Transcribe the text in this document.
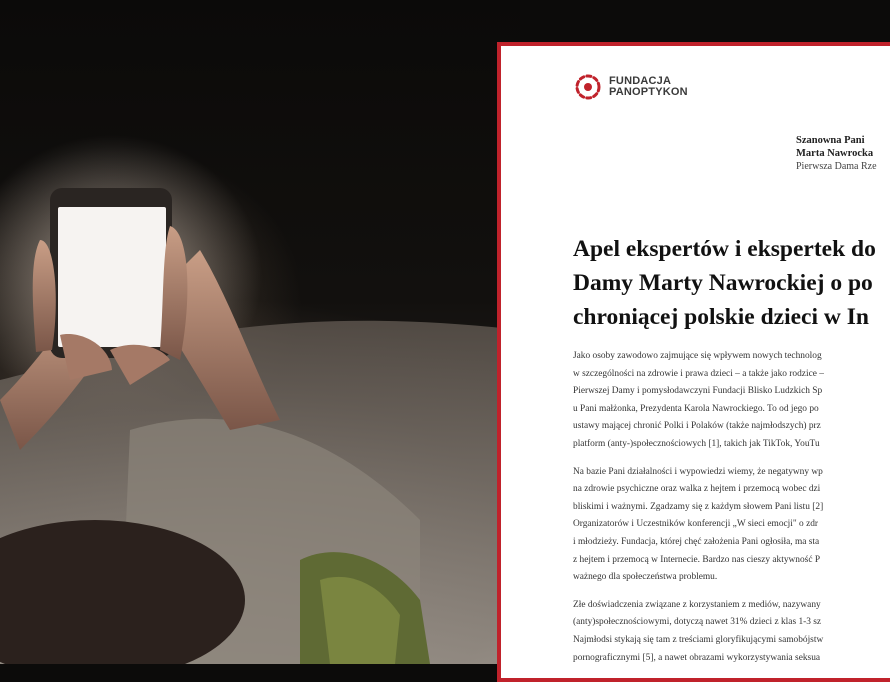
FUNDACJA
PANOPTYKON
Szanowna Pani
Marta Nawrocka
Pierwsza Dama Rze
Apel ekspertów i ekspertek do
Damy Marty Nawrockiej o po
chroniącej polskie dzieci w In
Jako osoby zawodowo zajmujące się wpływem nowych technolog
w szczególności na zdrowie i prawa dzieci – a także jako rodzice –
Pierwszej Damy i pomysłodawczyni Fundacji Blisko Ludzkich Sp
u Pani małżonka, Prezydenta Karola Nawrockiego. To od jego po
ustawy mającej chronić Polki i Polaków (także najmłodszych) prz
platform (anty-)społecznościowych [1], takich jak TikTok, YouTu
Na bazie Pani działalności i wypowiedzi wiemy, że negatywny wp
na zdrowie psychiczne oraz walka z hejtem i przemocą wobec dzi
bliskimi i ważnymi. Zgadzamy się z każdym słowem Pani listu [2]
Organizatorów i Uczestników konferencji „W sieci emocji" o zdr
i młodzieży. Fundacja, której chęć założenia Pani ogłosiła, ma sta
z hejtem i przemocą w Internecie. Bardzo nas cieszy aktywność P
ważnego dla społeczeństwa problemu.
Złe doświadczenia związane z korzystaniem z mediów, nazywany
(anty)społecznościowymi, dotyczą nawet 31% dzieci z klas 1-3 sz
Najmłodsi stykają się tam z treściami gloryfikującymi samobójstw
pornograficznymi [5], a nawet obrazami wykorzystywania seksua
